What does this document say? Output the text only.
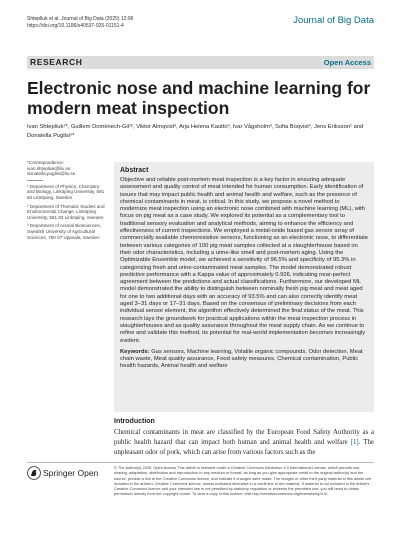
Shteplluk et al. Journal of Big Data (2025) 12:96
https://doi.org/10.1186/s40537-025-01151-4	Journal of Big Data
RESEARCH	Open Access
Electronic nose and machine learning for modern meat inspection
Ivan Shtepliuk¹*, Guillem Domènech-Gil¹², Viktor Almqvist³, Arja Helena Kautto³, Ivar Vågsholm³, Sofia Boqvist³, Jens Eriksson¹ and Donatella Puglisi¹*

*Correspondence: ivan.shtepliuk@liu.se; donatella.puglisi@liu.se

¹ Department of Physics, Chemistry and Biology, Linköping University, 581 83 Linköping, Sweden

² Department of Thematic Studies and Environmental Change, Linköping University, 581 83 Linköping, Sweden

³ Department of Animal Biosciences, Swedish University of Agricultural Sciences, 750 07 Uppsala, Sweden

Abstract
Objective and reliable post-mortem meat inspection is a key factor in ensuring adequate assessment and quality control of meat intended for human consumption. Early identification of issues that may impact public health and animal health and welfare, such as the presence of chemical contaminants in meat, is critical. In this study, we propose a novel method to modernize meat inspection using an electronic nose combined with machine learning (ML), with focus on pig meat as a case study. We explored its potential as a complementary tool to traditional sensory evaluation and analytical methods, aiming to enhance the efficiency and effectiveness of current inspections. We employed a metal-oxide based gas sensor array of commercially available chemoresistive sensors, functioning as an electronic nose, to differentiate between various categories of 100 pig meat samples collected at a slaughterhouse based on their odor characteristics, including a urine-like smell and post-mortem aging. Using the Optimizable Ensemble model, we achieved a sensitivity of 96.5% and specificity of 95.3% in categorizing fresh and urine-contaminated meat samples. The model demonstrated robust predictive performance with a Kappa value of approximately 0.926, indicating near-perfect agreement between the predictions and actual classifications. Furthermore, our developed ML model demonstrated the ability to distinguish between nominally fresh pig meat and meat aged for one to two additional days with an accuracy of 93.5% and can also correctly identify meat aged 3–31 days or 17–31 days. Based on the consensus of preliminary decisions from each individual sensor element, the algorithm effectively determined the final status of the meat. This research lays the groundwork for practical applications within the meat inspection process in slaughterhouses and as quality assurance throughout the meat supply chain. As we continue to refine and validate this method, its potential for real-world implementation becomes increasingly evident.
Keywords: Gas sensors, Machine learning, Volatile organic compounds, Odor detection, Meat chain waste, Meat quality assurance, Food safety measures, Chemical contamination, Public health hazards, Animal health and welfare
Introduction

Chemical contaminants in meat are classified by the European Food Safety Authority as a public health hazard that can impact both human and animal health and welfare [1]. The unpleasant odor of pork, which can arise from various factors such as the

Springer Open
© The Author(s) 2025. Open Access This article is licensed under a Creative Commons Attribution 4.0 International License, which permits use, sharing, adaptation, distribution and reproduction in any medium or format, as long as you give appropriate credit to the original author(s) and the source, provide a link to the Creative Commons licence, and indicate if changes were made. The images or other third party material in this article are included in the article's Creative Commons licence, unless indicated otherwise in a credit line to the material. If material is not included in the article's Creative Commons licence and your intended use is not permitted by statutory regulation or exceeds the permitted use, you will need to obtain permission directly from the copyright holder. To view a copy of this licence, visit http://creativecommons.org/licenses/by/4.0/.
